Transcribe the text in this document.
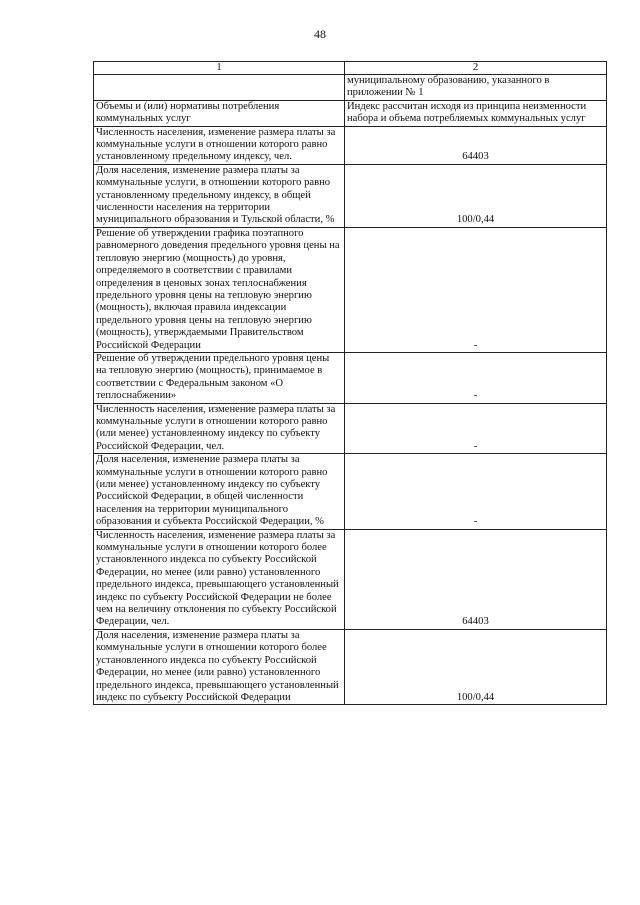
48
1	2
	муниципальному образованию, указанного в приложении № 1
Объемы и (или) нормативы потребления коммунальных услуг	Индекс рассчитан исходя из принципа неизменности набора и объема потребляемых коммунальных услуг
Численность населения, изменение размера платы за коммунальные услуги в отношении которого равно установленному предельному индексу, чел.	64403
Доля населения, изменение размера платы за коммунальные услуги, в отношении которого равно установленному предельному индексу, в общей численности населения на территории муниципального образования и Тульской области, %	100/0,44
Решение об утверждении графика поэтапного равномерного доведения предельного уровня цены на тепловую энергию (мощность) до уровня, определяемого в соответствии с правилами определения в ценовых зонах теплоснабжения предельного уровня цены на тепловую энергию (мощность), включая правила индексации предельного уровня цены на тепловую энергию (мощность), утверждаемыми Правительством Российской Федерации	-
Решение об утверждении предельного уровня цены на тепловую энергию (мощность), принимаемое в соответствии с Федеральным законом «О теплоснабжении»	-
Численность населения, изменение размера платы за коммунальные услуги в отношении которого равно (или менее) установленному индексу по субъекту Российской Федерации, чел.	-
Доля населения, изменение размера платы за коммунальные услуги в отношении которого равно (или менее) установленному индексу по субъекту Российской Федерации, в общей численности населения на территории муниципального образования и субъекта Российской Федерации, %	-
Численность населения, изменение размера платы за коммунальные услуги в отношении которого более установленного индекса по субъекту Российской Федерации, но менее (или равно) установленного предельного индекса, превышающего установленный индекс по субъекту Российской Федерации не более чем на величину отклонения по субъекту Российской Федерации, чел.	64403
Доля населения, изменение размера платы за коммунальные услуги в отношении которого более установленного индекса по субъекту Российской Федерации, но менее (или равно) установленного предельного индекса, превышающего установленный индекс по субъекту Российской Федерации	100/0,44
